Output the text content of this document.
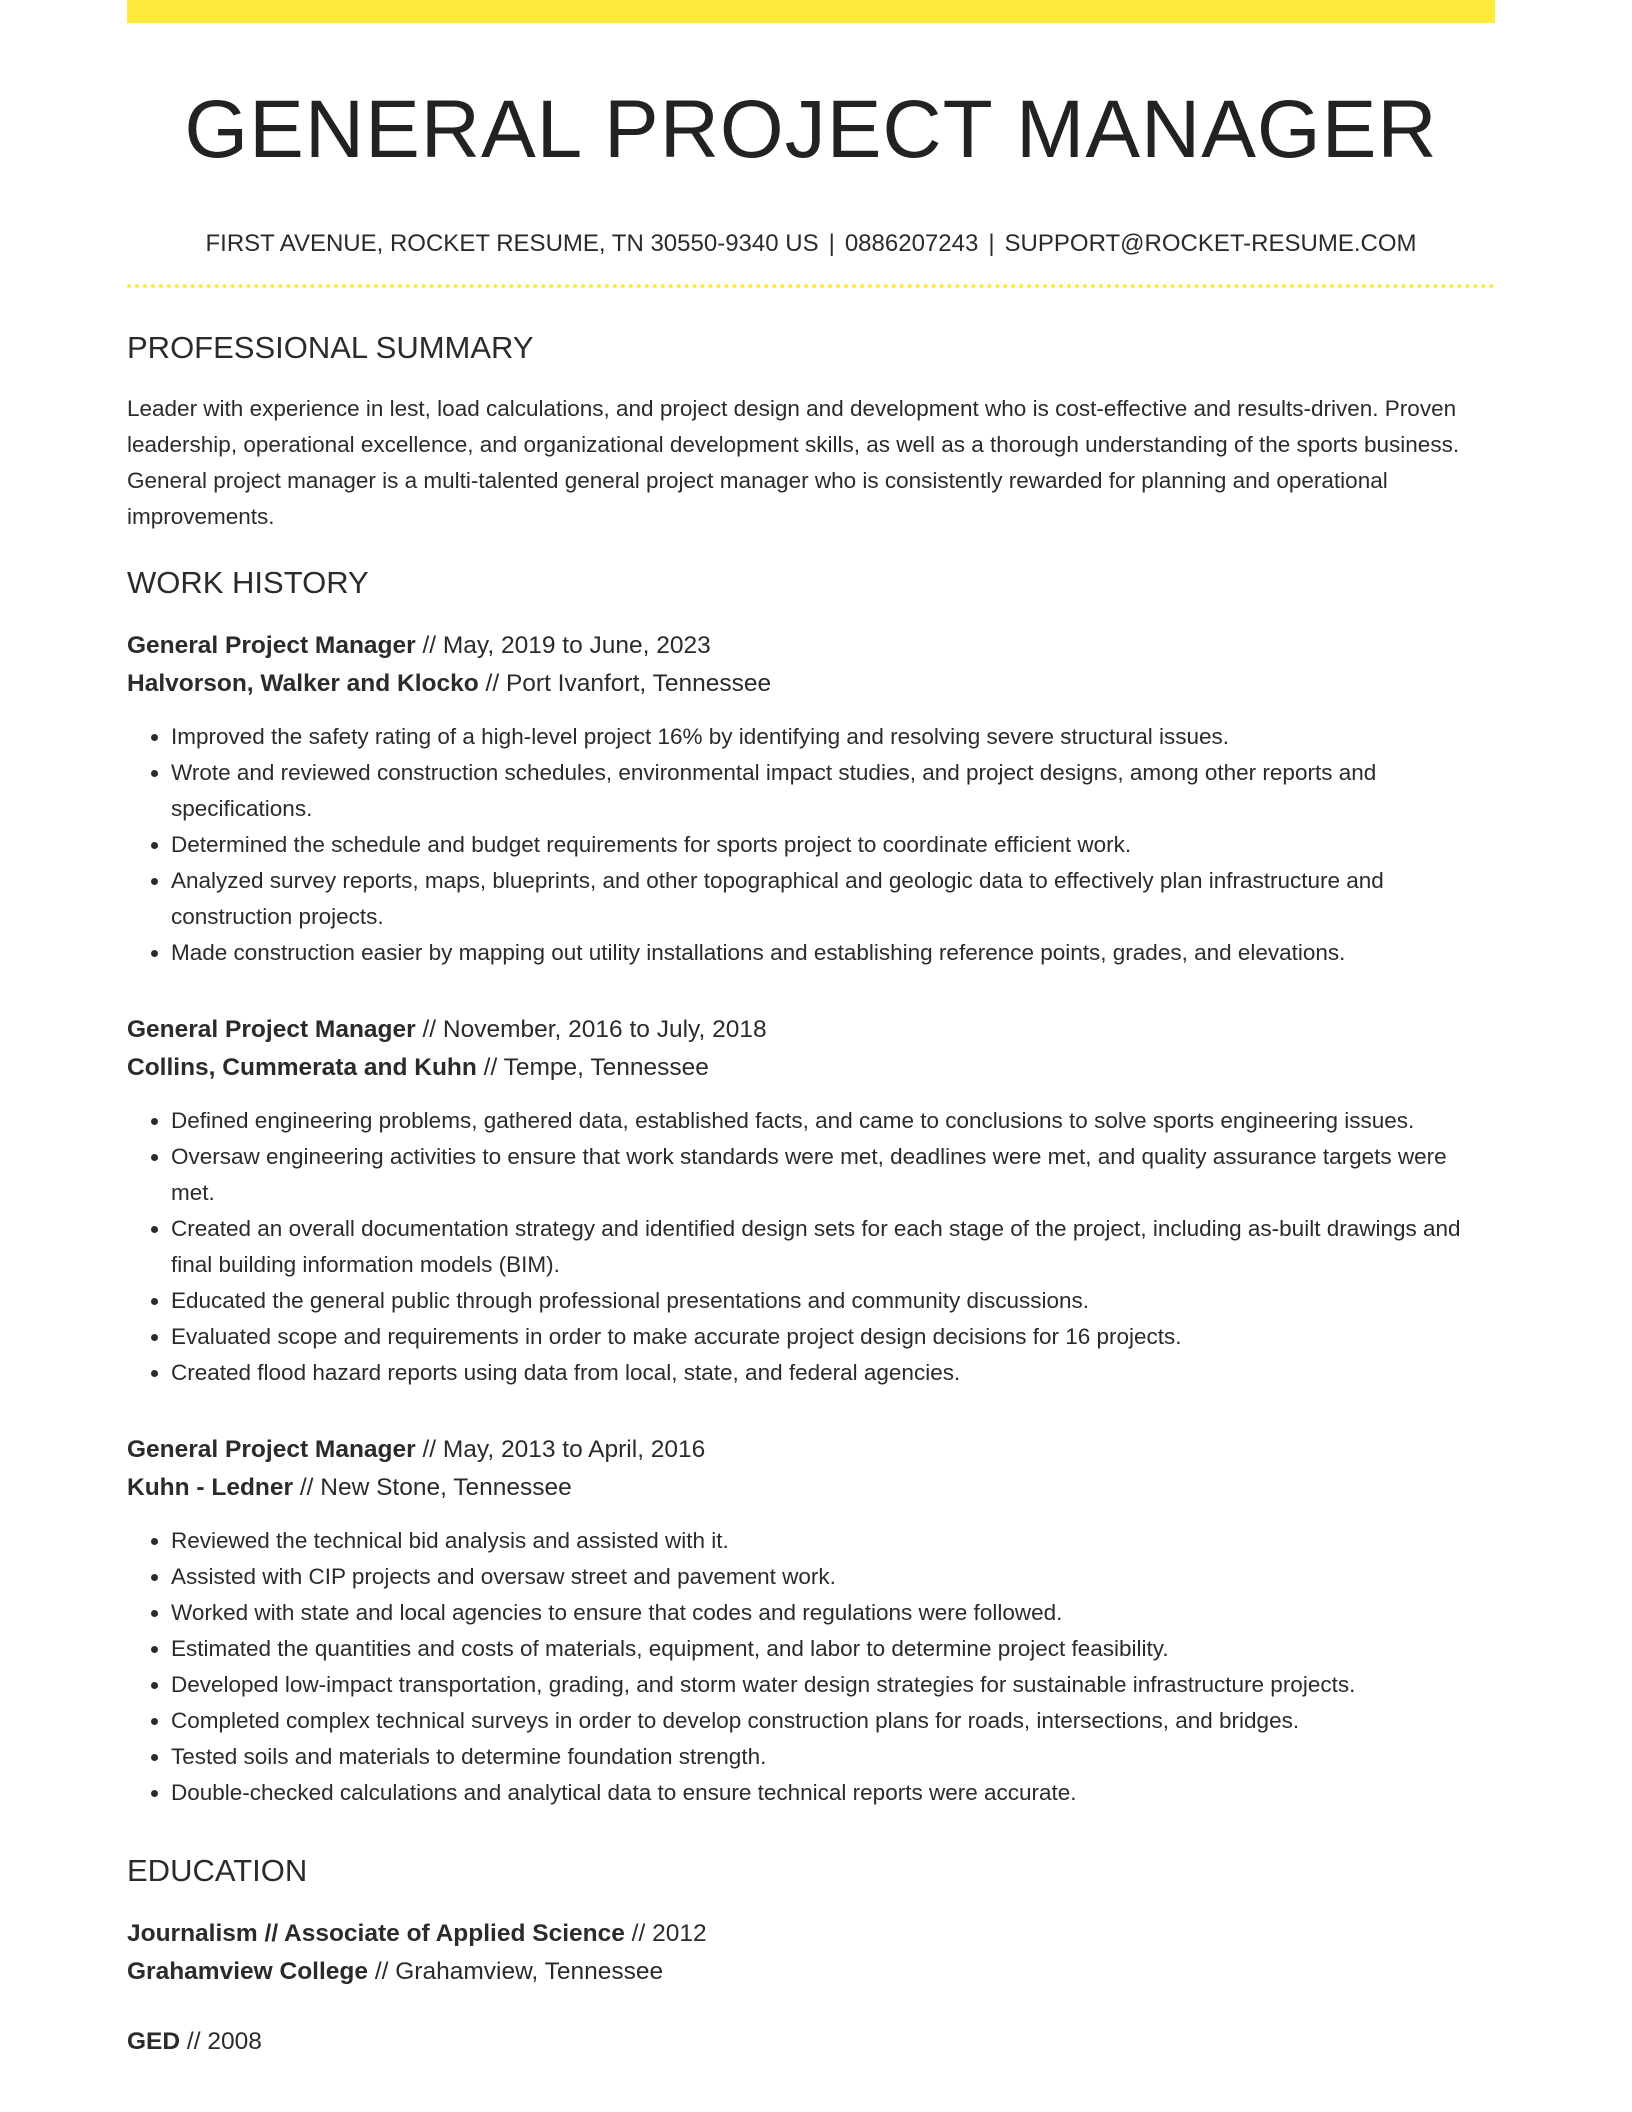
GENERAL PROJECT MANAGER
FIRST AVENUE, ROCKET RESUME, TN 30550-9340 US | 0886207243 | SUPPORT@ROCKET-RESUME.COM
PROFESSIONAL SUMMARY

Leader with experience in lest, load calculations, and project design and development who is cost-effective and results-driven. Proven leadership, operational excellence, and organizational development skills, as well as a thorough understanding of the sports business. General project manager is a multi-talented general project manager who is consistently rewarded for planning and operational improvements.

WORK HISTORY
General Project Manager // May, 2019 to June, 2023
Halvorson, Walker and Klocko // Port Ivanfort, Tennessee
• Improved the safety rating of a high-level project 16% by identifying and resolving severe structural issues.
• Wrote and reviewed construction schedules, environmental impact studies, and project designs, among other reports and specifications.
• Determined the schedule and budget requirements for sports project to coordinate efficient work.
• Analyzed survey reports, maps, blueprints, and other topographical and geologic data to effectively plan infrastructure and construction projects.
• Made construction easier by mapping out utility installations and establishing reference points, grades, and elevations.
General Project Manager // November, 2016 to July, 2018
Collins, Cummerata and Kuhn // Tempe, Tennessee
• Defined engineering problems, gathered data, established facts, and came to conclusions to solve sports engineering issues.
• Oversaw engineering activities to ensure that work standards were met, deadlines were met, and quality assurance targets were met.
• Created an overall documentation strategy and identified design sets for each stage of the project, including as-built drawings and final building information models (BIM).
• Educated the general public through professional presentations and community discussions.
• Evaluated scope and requirements in order to make accurate project design decisions for 16 projects.
• Created flood hazard reports using data from local, state, and federal agencies.
General Project Manager // May, 2013 to April, 2016
Kuhn - Ledner // New Stone, Tennessee
• Reviewed the technical bid analysis and assisted with it.
• Assisted with CIP projects and oversaw street and pavement work.
• Worked with state and local agencies to ensure that codes and regulations were followed.
• Estimated the quantities and costs of materials, equipment, and labor to determine project feasibility.
• Developed low-impact transportation, grading, and storm water design strategies for sustainable infrastructure projects.
• Completed complex technical surveys in order to develop construction plans for roads, intersections, and bridges.
• Tested soils and materials to determine foundation strength.
• Double-checked calculations and analytical data to ensure technical reports were accurate.
EDUCATION
Journalism // Associate of Applied Science // 2012
Grahamview College // Grahamview, Tennessee
GED // 2008
